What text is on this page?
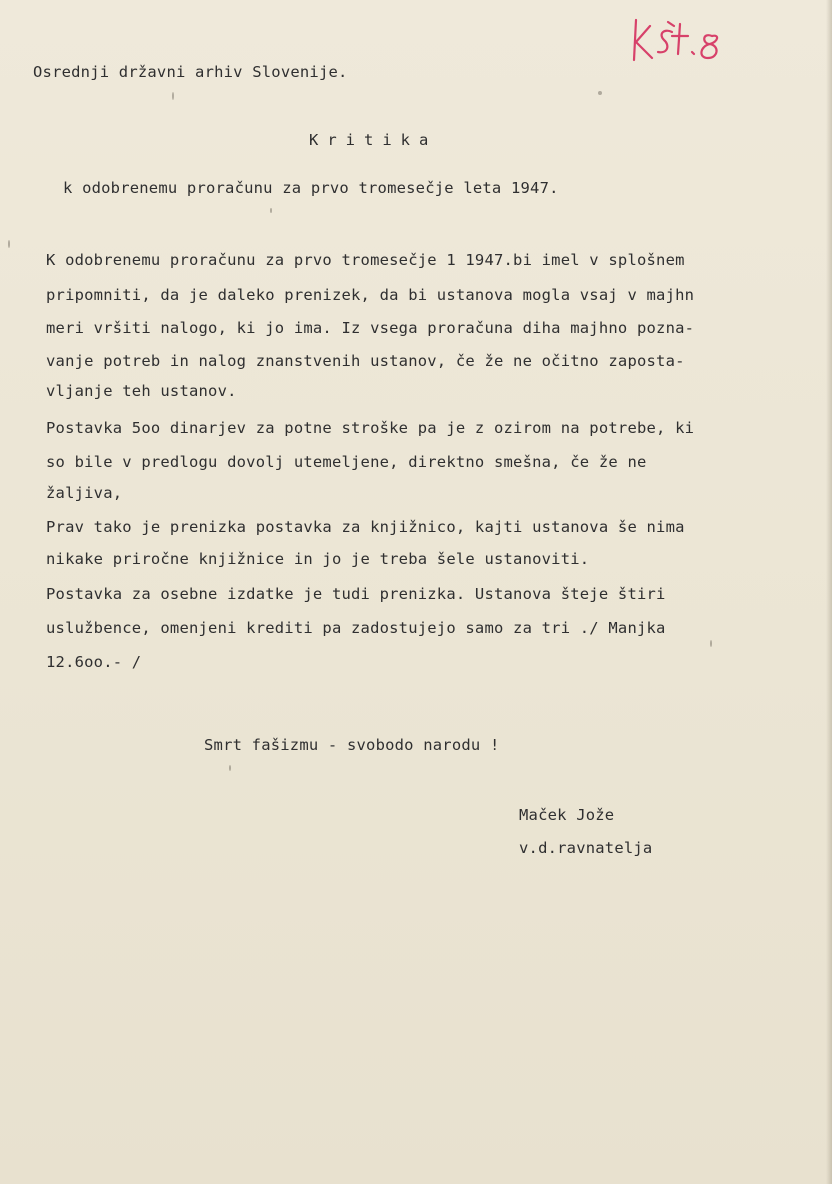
Osrednji državni arhiv Slovenije.
Kritika
k odobrenemu proračunu za prvo tromesečje leta 1947.
K odobrenemu proračunu za prvo tromesečje 1 1947.bi imel v splošnem
pripomniti, da je daleko prenizek, da bi ustanova mogla vsaj v majhn
meri vršiti nalogo, ki jo ima. Iz vsega proračuna diha majhno pozna-
vanje potreb in nalog znanstvenih ustanov, če že ne očitno zaposta-
vljanje teh ustanov.
Postavka 5oo dinarjev za potne stroške pa je z ozirom na potrebe, ki
so bile v predlogu dovolj utemeljene, direktno smešna, če že ne
žaljiva,
Prav tako je prenizka postavka za knjižnico, kajti ustanova še nima
nikake priročne knjižnice in jo je treba šele ustanoviti.
Postavka za osebne izdatke je tudi prenizka. Ustanova šteje štiri
uslužbence, omenjeni krediti pa zadostujejo samo za tri ./ Manjka
12.6oo.- /
Smrt fašizmu - svobodo narodu !
Maček Jože
v.d.ravnatelja
